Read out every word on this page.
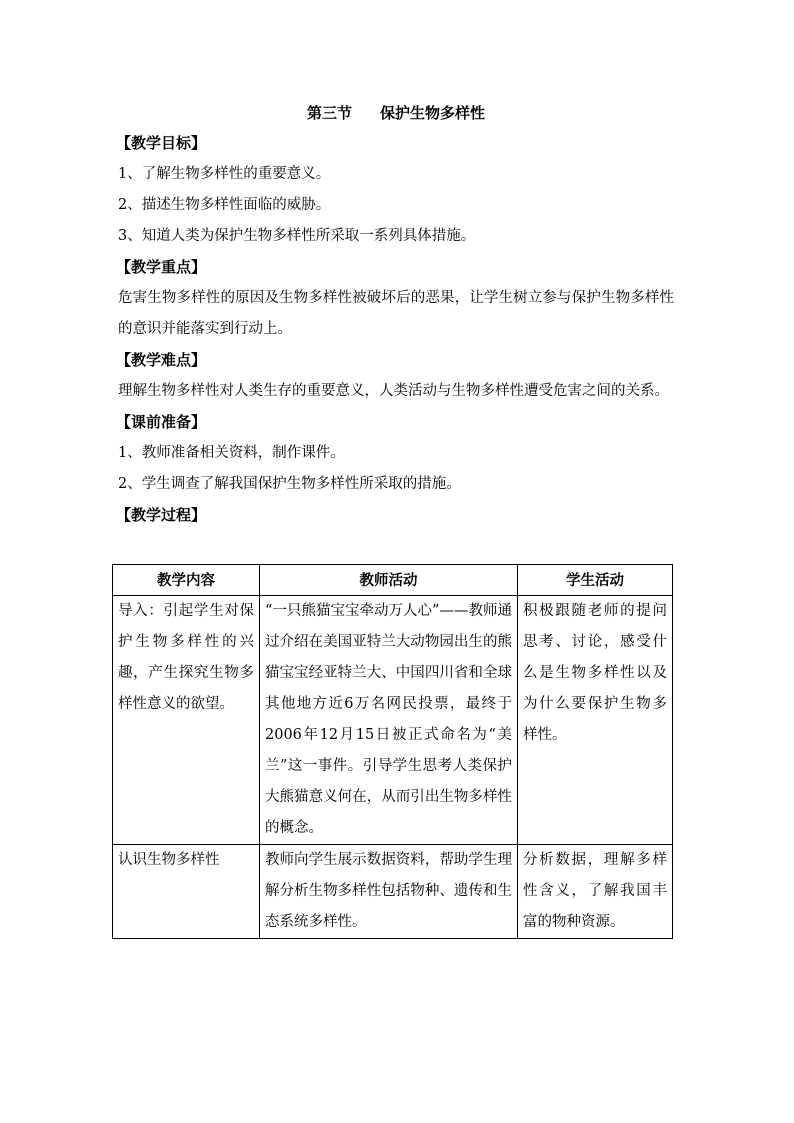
第三节 保护生物多样性
【教学目标】

1、了解生物多样性的重要意义。

2、描述生物多样性面临的威胁。

3、知道人类为保护生物多样性所采取一系列具体措施。

【教学重点】

危害生物多样性的原因及生物多样性被破坏后的恶果，让学生树立参与保护生物多样性的意识并能落实到行动上。

【教学难点】

理解生物多样性对人类生存的重要意义，人类活动与生物多样性遭受危害之间的关系。

【课前准备】

1、教师准备相关资料，制作课件。

2、学生调查了解我国保护生物多样性所采取的措施。

【教学过程】
教学内容	教师活动	学生活动
导入：引起学生对保护生物多样性的兴趣，产生探究生物多样性意义的欲望。	“一只熊猫宝宝牵动万人心”——教师通过介绍在美国亚特兰大动物园出生的熊猫宝宝经亚特兰大、中国四川省和全球其他地方近6万名网民投票，最终于2006年12月15日被正式命名为“美兰”这一事件。引导学生思考人类保护大熊猫意义何在，从而引出生物多样性的概念。	积极跟随老师的提问思考、讨论，感受什么是生物多样性以及为什么要保护生物多样性。
认识生物多样性	教师向学生展示数据资料，帮助学生理解分析生物多样性包括物种、遗传和生态系统多样性。	分析数据，理解多样性含义，了解我国丰富的物种资源。
